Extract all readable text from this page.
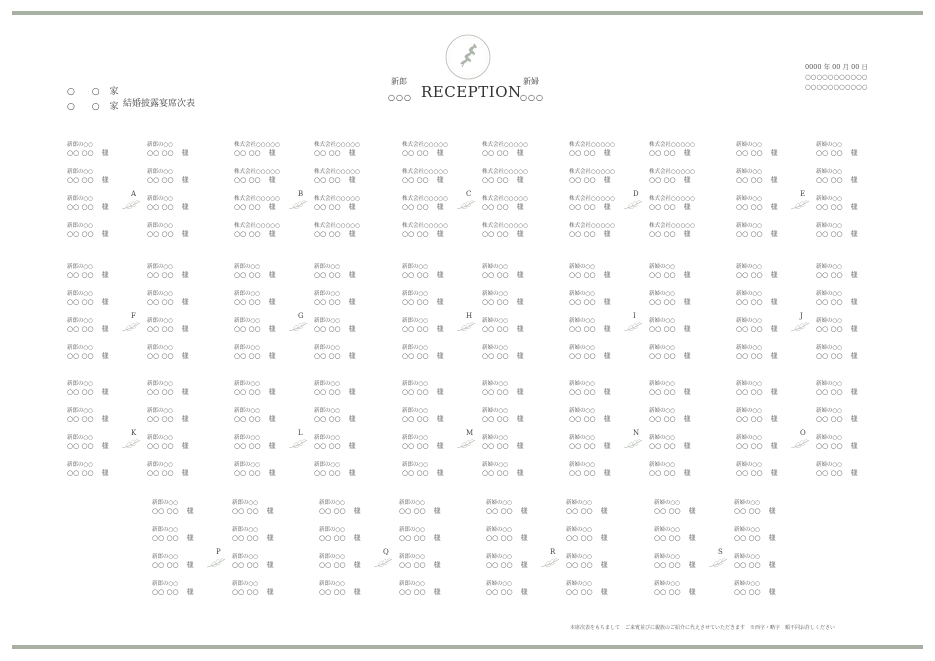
○ ○ 家
○ ○ 家 結婚披露宴席次表
新郎
○○○ RECEPTION
新婦
○○○
0000 年 00 月 00 日
○○○○○○○○○○○
○○○○○○○○○○○
新郎の○○
○○ ○○ 様
新郎の○○
○○ ○○ 様
新郎の○○
○○ ○○ 様
新郎の○○
○○ ○○ 様
新郎の○○
○○ ○○ 様
新郎の○○
○○ ○○ 様
新郎の○○
○○ ○○ 様
新郎の○○
○○ ○○ 様
A
株式会社○○○○○
○○ ○○ 様
株式会社○○○○○
○○ ○○ 様
株式会社○○○○○
○○ ○○ 様
株式会社○○○○○
○○ ○○ 様
株式会社○○○○○
○○ ○○ 様
株式会社○○○○○
○○ ○○ 様
株式会社○○○○○
○○ ○○ 様
株式会社○○○○○
○○ ○○ 様
B
株式会社○○○○○
○○ ○○ 様
株式会社○○○○○
○○ ○○ 様
株式会社○○○○○
○○ ○○ 様
株式会社○○○○○
○○ ○○ 様
株式会社○○○○○
○○ ○○ 様
株式会社○○○○○
○○ ○○ 様
株式会社○○○○○
○○ ○○ 様
株式会社○○○○○
○○ ○○ 様
C
株式会社○○○○○
○○ ○○ 様
株式会社○○○○○
○○ ○○ 様
株式会社○○○○○
○○ ○○ 様
株式会社○○○○○
○○ ○○ 様
株式会社○○○○○
○○ ○○ 様
株式会社○○○○○
○○ ○○ 様
株式会社○○○○○
○○ ○○ 様
株式会社○○○○○
○○ ○○ 様
D
新婦の○○
○○ ○○ 様
新婦の○○
○○ ○○ 様
新婦の○○
○○ ○○ 様
新婦の○○
○○ ○○ 様
新婦の○○
○○ ○○ 様
新婦の○○
○○ ○○ 様
新婦の○○
○○ ○○ 様
新婦の○○
○○ ○○ 様
E
新郎の○○
○○ ○○ 様
新郎の○○
○○ ○○ 様
新郎の○○
○○ ○○ 様
新郎の○○
○○ ○○ 様
新郎の○○
○○ ○○ 様
新郎の○○
○○ ○○ 様
新郎の○○
○○ ○○ 様
新郎の○○
○○ ○○ 様
F
新郎の○○
○○ ○○ 様
新郎の○○
○○ ○○ 様
新郎の○○
○○ ○○ 様
新郎の○○
○○ ○○ 様
新郎の○○
○○ ○○ 様
新郎の○○
○○ ○○ 様
新郎の○○
○○ ○○ 様
新郎の○○
○○ ○○ 様
G
新郎の○○
○○ ○○ 様
新婦の○○
○○ ○○ 様
新郎の○○
○○ ○○ 様
新婦の○○
○○ ○○ 様
新郎の○○
○○ ○○ 様
新婦の○○
○○ ○○ 様
新郎の○○
○○ ○○ 様
新婦の○○
○○ ○○ 様
H
新婦の○○
○○ ○○ 様
新婦の○○
○○ ○○ 様
新婦の○○
○○ ○○ 様
新婦の○○
○○ ○○ 様
新婦の○○
○○ ○○ 様
新婦の○○
○○ ○○ 様
新婦の○○
○○ ○○ 様
新婦の○○
○○ ○○ 様
I
新婦の○○
○○ ○○ 様
新婦の○○
○○ ○○ 様
新婦の○○
○○ ○○ 様
新婦の○○
○○ ○○ 様
新婦の○○
○○ ○○ 様
新婦の○○
○○ ○○ 様
新婦の○○
○○ ○○ 様
新婦の○○
○○ ○○ 様
J
新郎の○○
○○ ○○ 様
新郎の○○
○○ ○○ 様
新郎の○○
○○ ○○ 様
新郎の○○
○○ ○○ 様
新郎の○○
○○ ○○ 様
新郎の○○
○○ ○○ 様
新郎の○○
○○ ○○ 様
新郎の○○
○○ ○○ 様
K
新郎の○○
○○ ○○ 様
新郎の○○
○○ ○○ 様
新郎の○○
○○ ○○ 様
新郎の○○
○○ ○○ 様
新郎の○○
○○ ○○ 様
新郎の○○
○○ ○○ 様
新郎の○○
○○ ○○ 様
新郎の○○
○○ ○○ 様
L
新郎の○○
○○ ○○ 様
新婦の○○
○○ ○○ 様
新郎の○○
○○ ○○ 様
新婦の○○
○○ ○○ 様
新郎の○○
○○ ○○ 様
新婦の○○
○○ ○○ 様
新郎の○○
○○ ○○ 様
新婦の○○
○○ ○○ 様
M
新婦の○○
○○ ○○ 様
新婦の○○
○○ ○○ 様
新婦の○○
○○ ○○ 様
新婦の○○
○○ ○○ 様
新婦の○○
○○ ○○ 様
新婦の○○
○○ ○○ 様
新婦の○○
○○ ○○ 様
新婦の○○
○○ ○○ 様
N
新婦の○○
○○ ○○ 様
新婦の○○
○○ ○○ 様
新婦の○○
○○ ○○ 様
新婦の○○
○○ ○○ 様
新婦の○○
○○ ○○ 様
新婦の○○
○○ ○○ 様
新婦の○○
○○ ○○ 様
新婦の○○
○○ ○○ 様
O
新郎の○○
○○ ○○ 様
新郎の○○
○○ ○○ 様
新郎の○○
○○ ○○ 様
新郎の○○
○○ ○○ 様
新郎の○○
○○ ○○ 様
新郎の○○
○○ ○○ 様
新郎の○○
○○ ○○ 様
新郎の○○
○○ ○○ 様
P
新郎の○○
○○ ○○ 様
新郎の○○
○○ ○○ 様
新郎の○○
○○ ○○ 様
新郎の○○
○○ ○○ 様
新郎の○○
○○ ○○ 様
新郎の○○
○○ ○○ 様
新郎の○○
○○ ○○ 様
新郎の○○
○○ ○○ 様
Q
新婦の○○
○○ ○○ 様
新婦の○○
○○ ○○ 様
新婦の○○
○○ ○○ 様
新婦の○○
○○ ○○ 様
新婦の○○
○○ ○○ 様
新婦の○○
○○ ○○ 様
新婦の○○
○○ ○○ 様
新婦の○○
○○ ○○ 様
R
新婦の○○
○○ ○○ 様
新婦の○○
○○ ○○ 様
新婦の○○
○○ ○○ 様
新婦の○○
○○ ○○ 様
新婦の○○
○○ ○○ 様
新婦の○○
○○ ○○ 様
新婦の○○
○○ ○○ 様
新婦の○○
○○ ○○ 様
S
本席次表をもちまして　ご来賓並びに親族のご紹介に代えさせていただきます　※西字・略字　順不同お許しください
